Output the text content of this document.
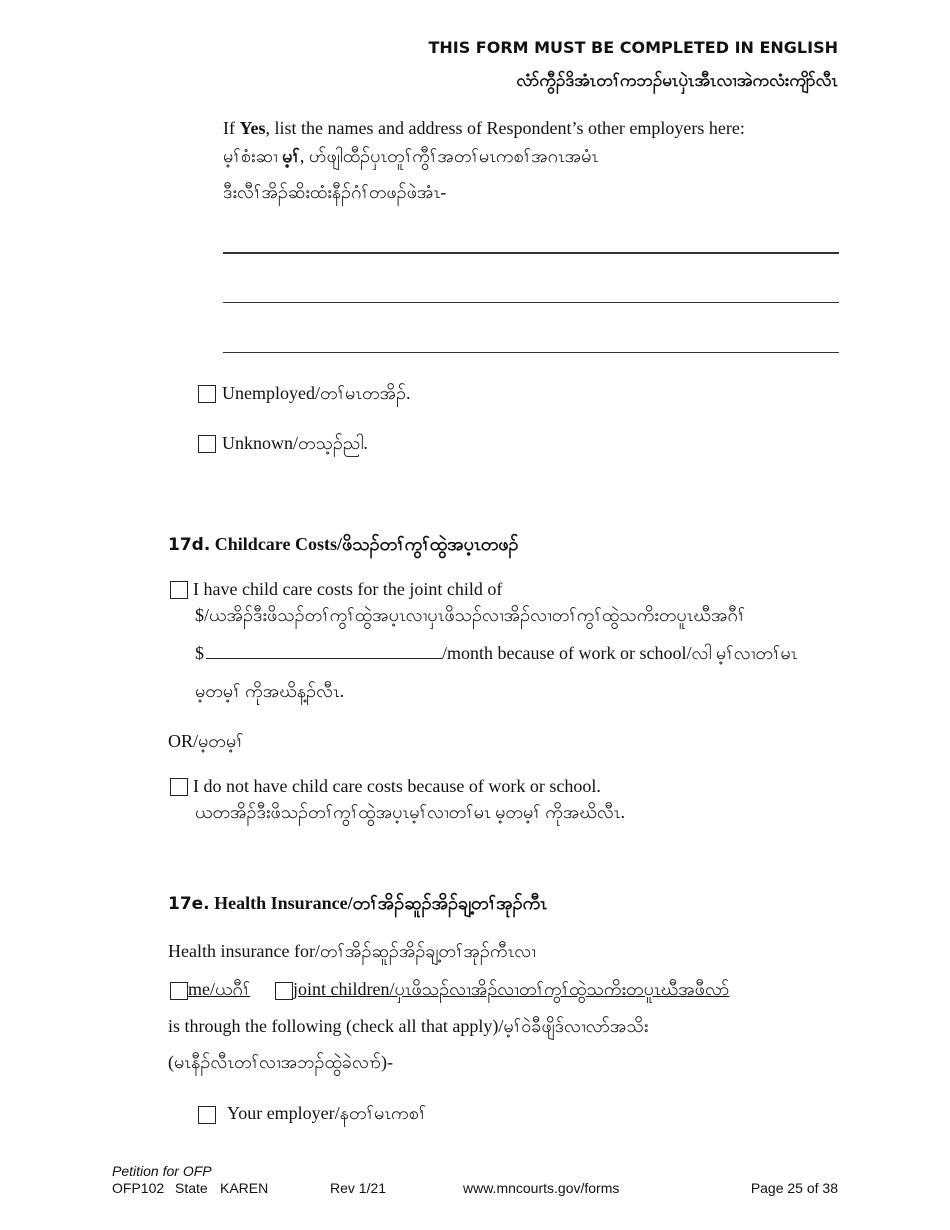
THIS FORM MUST BE COMPLETED IN ENGLISH
လံာ်ကွီၣ်ဒိအံၤတၢ်ကဘၣ်မၤပှဲၤအီၤလၢအဲကလံးကျိာ်လီၤ
If Yes, list the names and address of Respondent’s other employers here:
မ့ၢ်စံးဆၢ မ့ၢ်, ဟ်ဖျါထီၣ်ပှၤတူၢ်ကွီၢ်အတၢ်မၤကစၢ်အဂၤအမံၤ
ဒီးလီၢ်အိၣ်ဆိးထံးနီၣ်ဂံၢ်တဖၣ်ဖဲအံၤ-
Unemployed/တၢ်မၤတအိၣ်.
Unknown/တသ့ၣ်ညါ.
17d. Childcare Costs/ဖိသၣ်တၢ်ကွၢ်ထွဲအပ့ၤတဖၣ်
I have child care costs for the joint child of
$/ယအိၣ်ဒီးဖိသၣ်တၢ်ကွၢ်ထွဲအပ့ၤလၢပှၤဖိသၣ်လၢအိၣ်လၢတၢ်ကွၢ်ထွဲသကိးတပူၤဃီအဂီၢ်
$	/month because of work or school/လါ မ့ၢ်လၢတၢ်မၤ
မ့တမ့ၢ် ကိုအဃိန့ၣ်လီၤ.
OR/မ့တမ့ၢ်
I do not have child care costs because of work or school.
ယတအိၣ်ဒီးဖိသၣ်တၢ်ကွၢ်ထွဲအပ့ၤမ့ၢ်လၢတၢ်မၤ မ့တမ့ၢ် ကိုအဃိလီၤ.
17e. Health Insurance/တၢ်အိၣ်ဆူၣ်အိၣ်ချ့တၢ်အုၣ်ကီၤ
Health insurance for/တၢ်အိၣ်ဆူၣ်အိၣ်ချ့တၢ်အုၣ်ကီၤလၢ
me/ယဂီၢ် joint children/ပှၤဖိသၣ်လၢအိၣ်လၢတၢ်ကွၢ်ထွဲသကိးတပူၤဃီအဖီလာ်
is through the following (check all that apply)/မ့ၢ်ဝဲခီဖျိဒ်လၢလာ်အသိး
(မၤနီၣ်လီၤတၢ်လၢအဘၣ်ထွဲခဲလၢာ်)-
Your employer/နတၢ်မၤကစၢ်
Petition for OFP
OFP102 State KAREN	Rev 1/21	www.mncourts.gov/forms	Page 25 of 38
